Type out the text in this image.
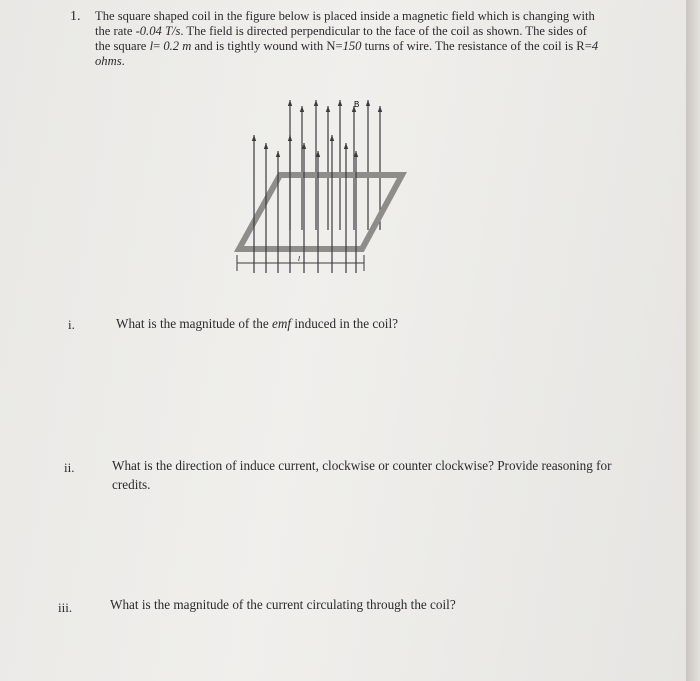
1. The square shaped coil in the figure below is placed inside a magnetic field which is changing with the rate -0.04 T/s. The field is directed perpendicular to the face of the coil as shown. The sides of the square l= 0.2 m and is tightly wound with N=150 turns of wire. The resistance of the coil is R=4 ohms.
B
l
i.	What is the magnitude of the emf induced in the coil?
ii.	What is the direction of induce current, clockwise or counter clockwise? Provide reasoning for credits.
iii.	What is the magnitude of the current circulating through the coil?
